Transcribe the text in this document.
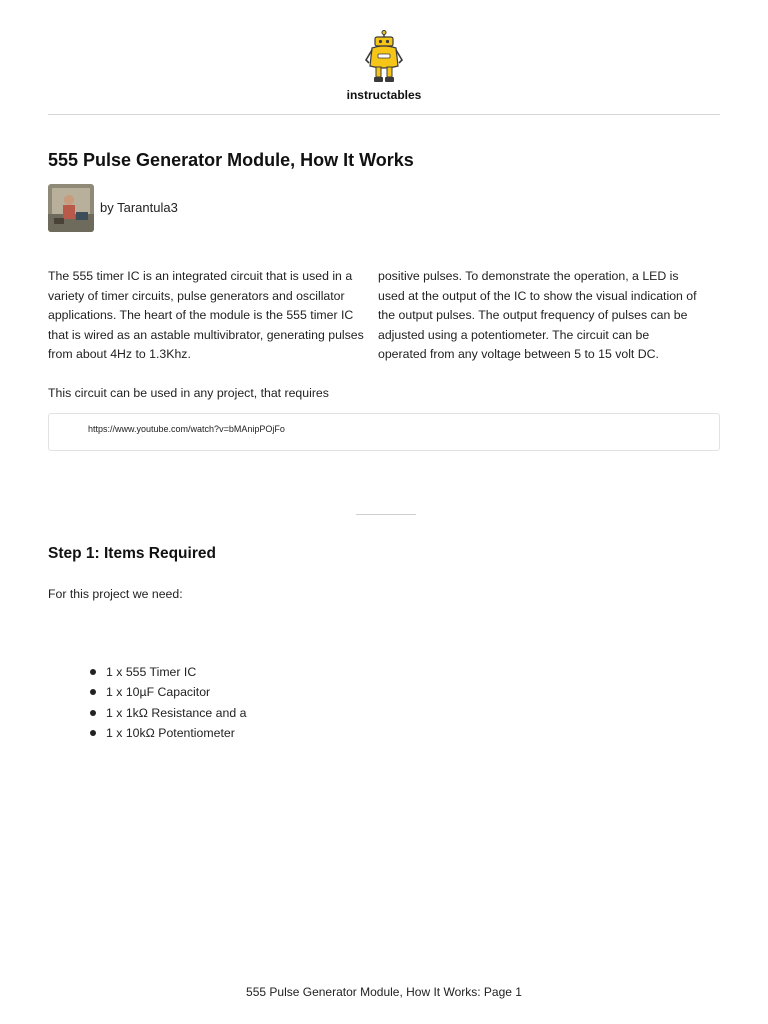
instructables
555 Pulse Generator Module, How It Works
by Tarantula3

The 555 timer IC is an integrated circuit that is used in a variety of timer circuits, pulse generators and oscillator applications. The heart of the module is the 555 timer IC that is wired as an astable multivibrator, generating pulses from about 4Hz to 1.3Khz.

This circuit can be used in any project, that requires

positive pulses. To demonstrate the operation, a LED is used at the output of the IC to show the visual indication of the output pulses. The output frequency of pulses can be adjusted using a potentiometer. The circuit can be operated from any voltage between 5 to 15 volt DC.

https://www.youtube.com/watch?v=bMAnipPOjFo
Step 1: Items Required
For this project we need:
1 x 555 Timer IC
1 x 10µF Capacitor
1 x 1kΩ Resistance and a
1 x 10kΩ Potentiometer
555 Pulse Generator Module, How It Works: Page 1
